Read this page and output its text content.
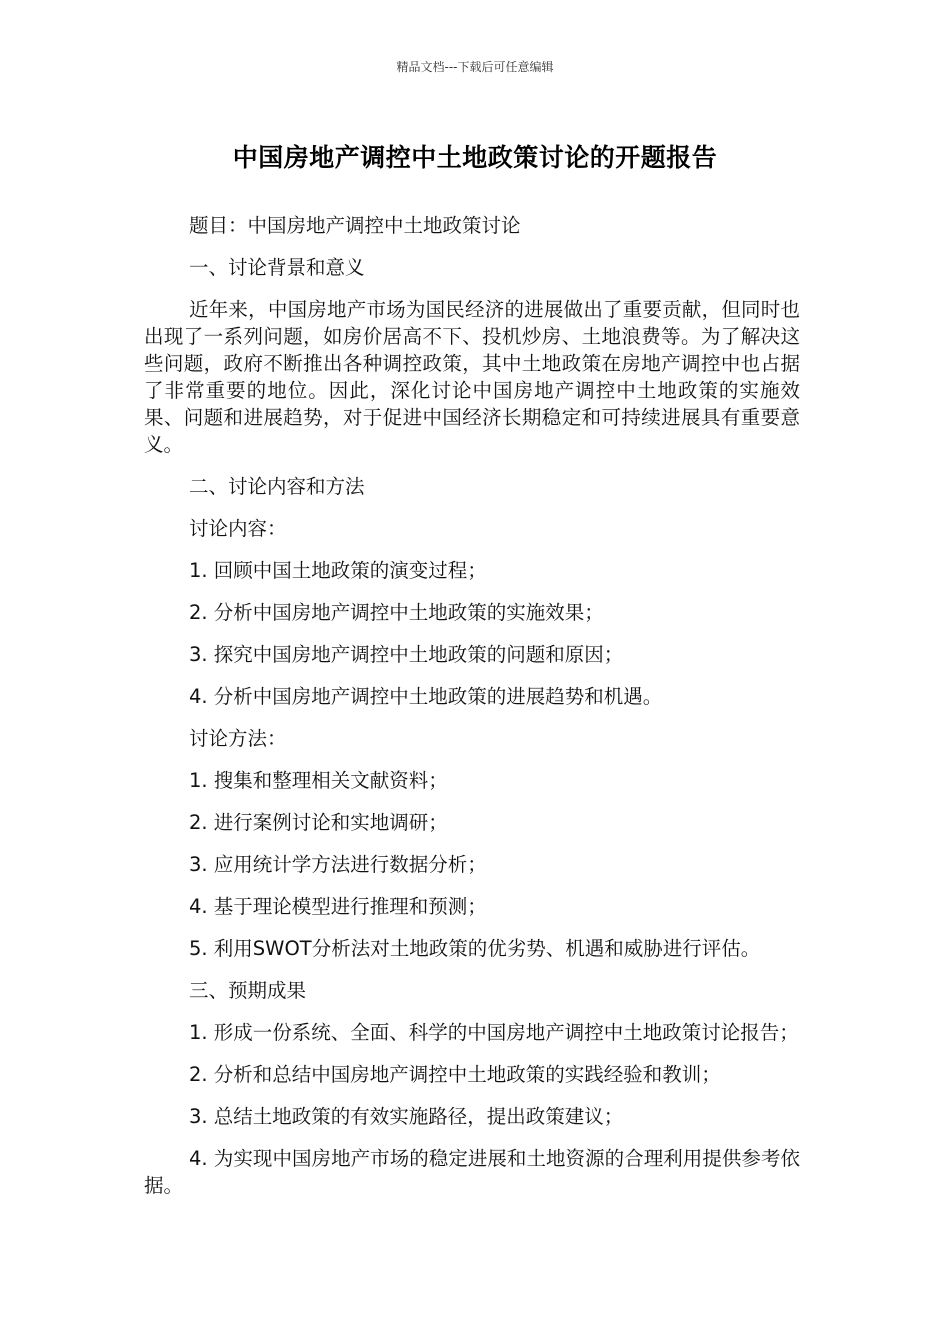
精品文档---下载后可任意编辑
中国房地产调控中土地政策讨论的开题报告

题目：中国房地产调控中土地政策讨论

一、讨论背景和意义

近年来，中国房地产市场为国民经济的进展做出了重要贡献，但同时也出现了一系列问题，如房价居高不下、投机炒房、土地浪费等。为了解决这些问题，政府不断推出各种调控政策，其中土地政策在房地产调控中也占据了非常重要的地位。因此，深化讨论中国房地产调控中土地政策的实施效果、问题和进展趋势，对于促进中国经济长期稳定和可持续进展具有重要意义。

二、讨论内容和方法

讨论内容：

1. 回顾中国土地政策的演变过程；

2. 分析中国房地产调控中土地政策的实施效果；

3. 探究中国房地产调控中土地政策的问题和原因；

4. 分析中国房地产调控中土地政策的进展趋势和机遇。

讨论方法：

1. 搜集和整理相关文献资料；

2. 进行案例讨论和实地调研；

3. 应用统计学方法进行数据分析；

4. 基于理论模型进行推理和预测；

5. 利用SWOT分析法对土地政策的优劣势、机遇和威胁进行评估。

三、预期成果

1. 形成一份系统、全面、科学的中国房地产调控中土地政策讨论报告；

2. 分析和总结中国房地产调控中土地政策的实践经验和教训；

3. 总结土地政策的有效实施路径，提出政策建议；

4. 为实现中国房地产市场的稳定进展和土地资源的合理利用提供参考依据。
